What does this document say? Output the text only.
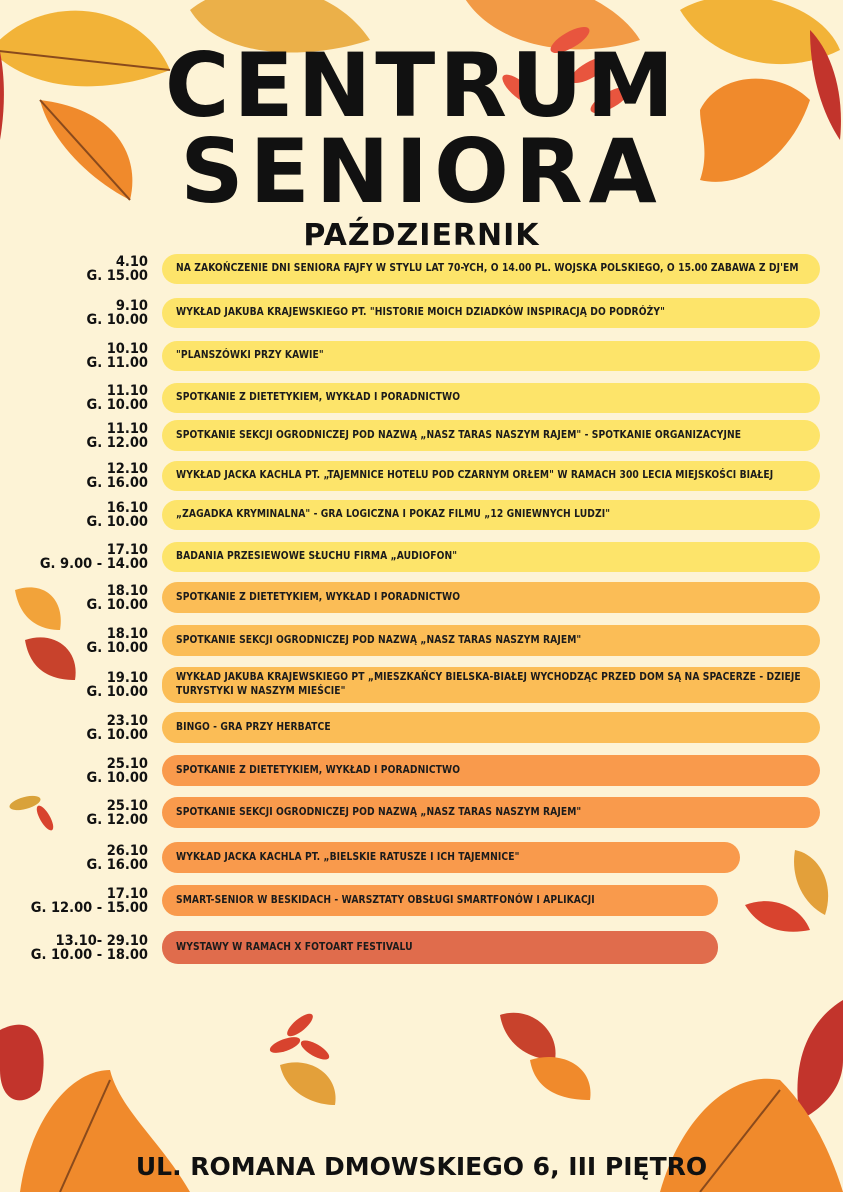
CENTRUM
SENIORA
PAŹDZIERNIK
4.10
G. 15.00	NA ZAKOŃCZENIE DNI SENIORA FAJFY W STYLU LAT 70-YCH, O 14.00 PL. WOJSKA POLSKIEGO, O 15.00 ZABAWA Z DJ'EM
9.10
G. 10.00	WYKŁAD JAKUBA KRAJEWSKIEGO PT. "HISTORIE MOICH DZIADKÓW INSPIRACJĄ DO PODRÓŻY"
10.10
G. 11.00	"PLANSZÓWKI PRZY KAWIE"
11.10
G. 10.00	SPOTKANIE Z DIETETYKIEM, WYKŁAD I PORADNICTWO
11.10
G. 12.00	SPOTKANIE SEKCJI OGRODNICZEJ POD NAZWĄ „NASZ TARAS NASZYM RAJEM" - SPOTKANIE ORGANIZACYJNE
12.10
G. 16.00	WYKŁAD JACKA KACHLA PT. „TAJEMNICE HOTELU POD CZARNYM ORŁEM" W RAMACH 300 LECIA MIEJSKOŚCI BIAŁEJ
16.10
G. 10.00	„ZAGADKA KRYMINALNA" - GRA LOGICZNA I POKAZ FILMU „12 GNIEWNYCH LUDZI"
17.10
G. 9.00 - 14.00	BADANIA PRZESIEWOWE SŁUCHU FIRMA „AUDIOFON"
18.10
G. 10.00	SPOTKANIE Z DIETETYKIEM, WYKŁAD I PORADNICTWO
18.10
G. 10.00	SPOTKANIE SEKCJI OGRODNICZEJ POD NAZWĄ „NASZ TARAS NASZYM RAJEM"
19.10
G. 10.00
WYKŁAD JAKUBA KRAJEWSKIEGO PT „MIESZKAŃCY BIELSKA-BIAŁEJ WYCHODZĄC PRZED DOM SĄ NA SPACERZE - DZIEJE TURYSTYKI W NASZYM MIEŚCIE"
23.10
G. 10.00	BINGO - GRA PRZY HERBATCE
25.10
G. 10.00	SPOTKANIE Z DIETETYKIEM, WYKŁAD I PORADNICTWO
25.10
G. 12.00	SPOTKANIE SEKCJI OGRODNICZEJ POD NAZWĄ „NASZ TARAS NASZYM RAJEM"
26.10
G. 16.00	WYKŁAD JACKA KACHLA PT. „BIELSKIE RATUSZE I ICH TAJEMNICE"
17.10
G. 12.00 - 15.00	SMART-SENIOR W BESKIDACH - WARSZTATY OBSŁUGI SMARTFONÓW I APLIKACJI
13.10- 29.10
G. 10.00 - 18.00	WYSTAWY W RAMACH X FOTOART FESTIVALU
UL. ROMANA DMOWSKIEGO 6, III PIĘTRO
